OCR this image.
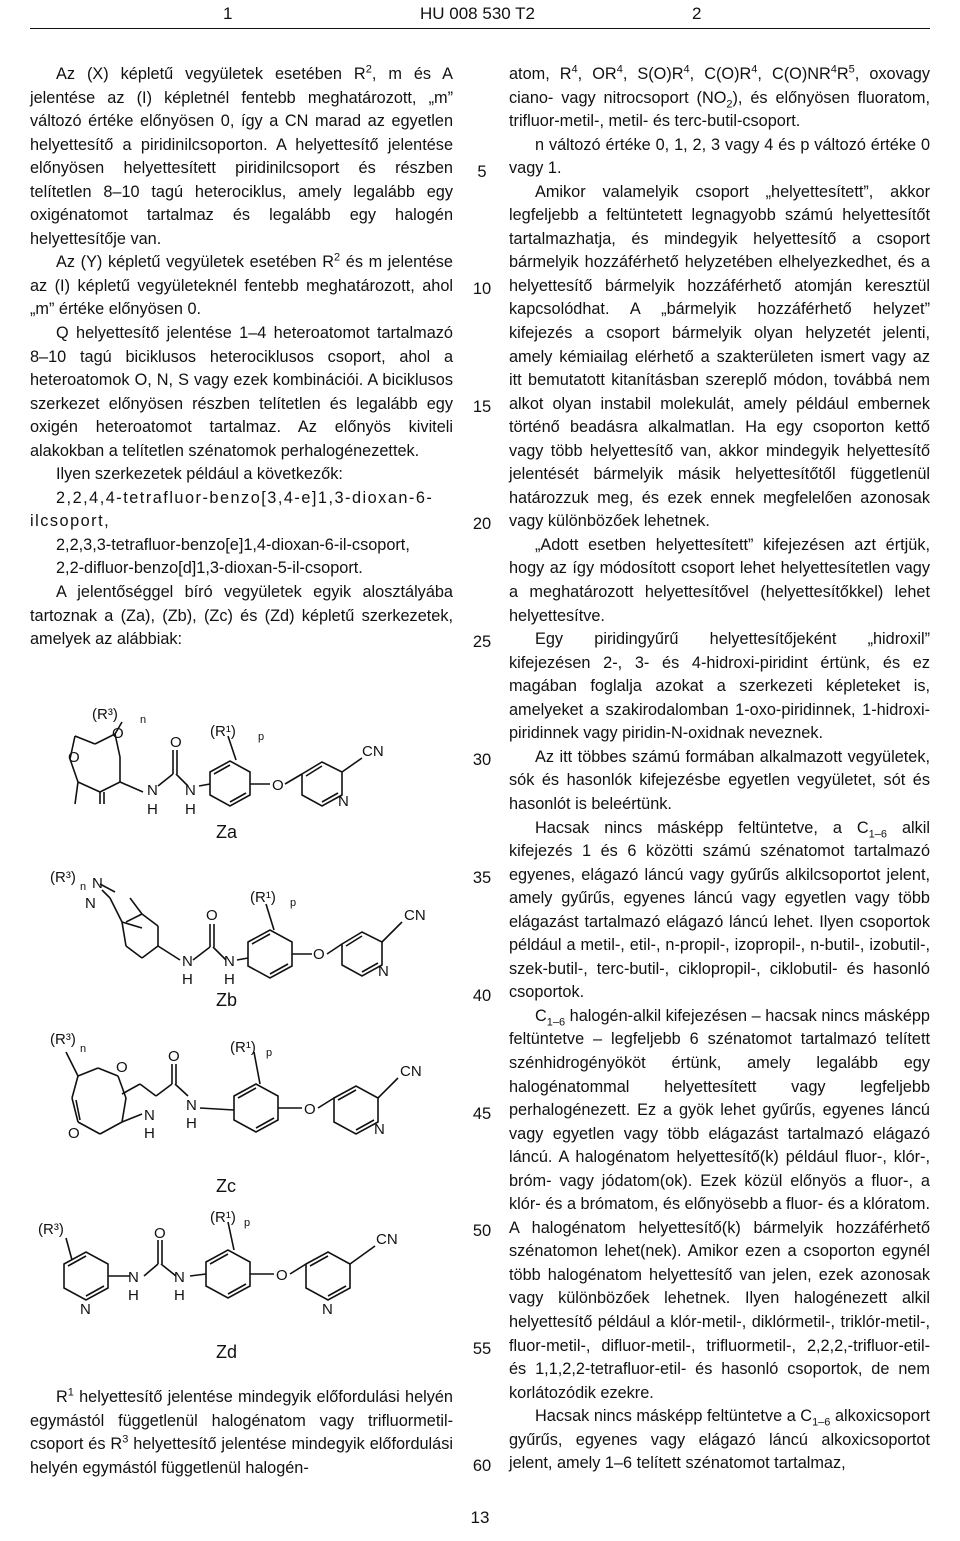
1	HU 008 530 T2	2
5
10
15
20
25
30
35
40
45
50
55
60

Az (X) képletű vegyületek esetében $R^2$, m és A jelentése az (I) képletnél fentebb meghatározott, „m” változó értéke előnyösen 0, így a CN marad az egyetlen helyettesítő a piridinilcsoporton. A helyettesítő jelentése előnyösen helyettesített piridinilcsoport és részben telítetlen 8–10 tagú heterociklus, amely legalább egy oxigénatomot tartalmaz és legalább egy halogén helyettesítője van.

Az (Y) képletű vegyületek esetében $R^2$ és m jelentése az (I) képletű vegyületeknél fentebb meghatározott, ahol „m” értéke előnyösen 0.

Q helyettesítő jelentése 1–4 heteroatomot tartalmazó 8–10 tagú biciklusos heterociklusos csoport, ahol a heteroatomok O, N, S vagy ezek kombinációi. A biciklusos szerkezet előnyösen részben telítetlen és legalább egy oxigén heteroatomot tartalmaz. Az előnyös kiviteli alakokban a telítetlen szénatomok perhalogénezettek.

Ilyen szerkezetek például a következők:

2,2,4,4-tetrafluor-benzo[3,4-e]1,3-dioxan-6-ilcsoport,

2,2,3,3-tetrafluor-benzo[e]1,4-dioxan-6-il-csoport,

2,2-difluor-benzo[d]1,3-dioxan-5-il-csoport.

A jelentőséggel bíró vegyületek egyik alosztályába tartoznak a (Za), (Zb), (Zc) és (Zd) képletű szerkezetek, amelyek az alábbiak:

O
(R³) n
O
N
H
O
N
H
(R¹) p
O
N
CN
Za
(R³)
n N
N
N
H
O
N
H
(R¹) p
O
N
CN
Zb
(R³)
n
O
O
N
H
O
N
H
(R¹) p
O
N
CN
Zc
(R³)
N
N
H
O
N
H
(R¹) p
O
N
CN
Zd

$R^1$ helyettesítő jelentése mindegyik előfordulási helyén egymástól függetlenül halogénatom vagy trifluormetil-csoport és $R^3$ helyettesítő jelentése mindegyik előfordulási helyén egymástól függetlenül halogén-

atom, $R^4$, $OR^4$, $S(O)R^4$, $C(O)R^4$, $C(O)NR^4R^5$, oxovagy ciano- vagy nitrocsoport $(NO_2)$, és előnyösen fluoratom, trifluor-metil-, metil- és terc-butil-csoport.

n változó értéke 0, 1, 2, 3 vagy 4 és p változó értéke 0 vagy 1.

Amikor valamelyik csoport „helyettesített”, akkor legfeljebb a feltüntetett legnagyobb számú helyettesítőt tartalmazhatja, és mindegyik helyettesítő a csoport bármelyik hozzáférhető helyzetében elhelyezkedhet, és a helyettesítő bármelyik hozzáférhető atomján keresztül kapcsolódhat. A „bármelyik hozzáférhető helyzet” kifejezés a csoport bármelyik olyan helyzetét jelenti, amely kémiailag elérhető a szakterületen ismert vagy az itt bemutatott kitanításban szereplő módon, továbbá nem alkot olyan instabil molekulát, amely például embernek történő beadásra alkalmatlan. Ha egy csoporton kettő vagy több helyettesítő van, akkor mindegyik helyettesítő jelentését bármelyik másik helyettesítőtől függetlenül határozzuk meg, és ezek ennek megfelelően azonosak vagy különbözőek lehetnek.

„Adott esetben helyettesített” kifejezésen azt értjük, hogy az így módosított csoport lehet helyettesítetlen vagy a meghatározott helyettesítővel (helyettesítőkkel) lehet helyettesítve.

Egy piridingyűrű helyettesítőjeként „hidroxil” kifejezésen 2-, 3- és 4-hidroxi-piridint értünk, és ez magában foglalja azokat a szerkezeti képleteket is, amelyeket a szakirodalomban 1-oxo-piridinnek, 1-hidroxi-piridinnek vagy piridin-N-oxidnak neveznek.

Az itt többes számú formában alkalmazott vegyületek, sók és hasonlók kifejezésbe egyetlen vegyületet, sót és hasonlót is beleértünk.

Hacsak nincs másképp feltüntetve, a $C_{1-6}$ alkil kifejezés 1 és 6 közötti számú szénatomot tartalmazó egyenes, elágazó láncú vagy gyűrűs alkilcsoportot jelent, amely gyűrűs, egyenes láncú vagy egyetlen vagy több elágazást tartalmazó elágazó láncú lehet. Ilyen csoportok például a metil-, etil-, n-propil-, izopropil-, n-butil-, izobutil-, szek-butil-, terc-butil-, ciklopropil-, ciklobutil- és hasonló csoportok.

$C_{1-6}$ halogén-alkil kifejezésen – hacsak nincs másképp feltüntetve – legfeljebb 6 szénatomot tartalmazó telített szénhidrogényököt értünk, amely legalább egy halogénatommal helyettesített vagy legfeljebb perhalogénezett. Ez a gyök lehet gyűrűs, egyenes láncú vagy egyetlen vagy több elágazást tartalmazó elágazó láncú. A halogénatom helyettesítő(k) például fluor-, klór-, bróm- vagy jódatom(ok). Ezek közül előnyös a fluor-, a klór- és a brómatom, és előnyösebb a fluor- és a klóratom. A halogénatom helyettesítő(k) bármelyik hozzáférhető szénatomon lehet(nek). Amikor ezen a csoporton egynél több halogénatom helyettesítő van jelen, ezek azonosak vagy különbözőek lehetnek. Ilyen halogénezett alkil helyettesítő például a klór-metil-, diklórmetil-, triklór-metil-, fluor-metil-, difluor-metil-, trifluormetil-, 2,2,2,-trifluor-etil- és 1,1,2,2-tetrafluor-etil- és hasonló csoportok, de nem korlátozódik ezekre.

Hacsak nincs másképp feltüntetve a $C_{1-6}$ alkoxicsoport gyűrűs, egyenes vagy elágazó láncú alkoxicsoportot jelent, amely 1–6 telített szénatomot tartalmaz,

13
